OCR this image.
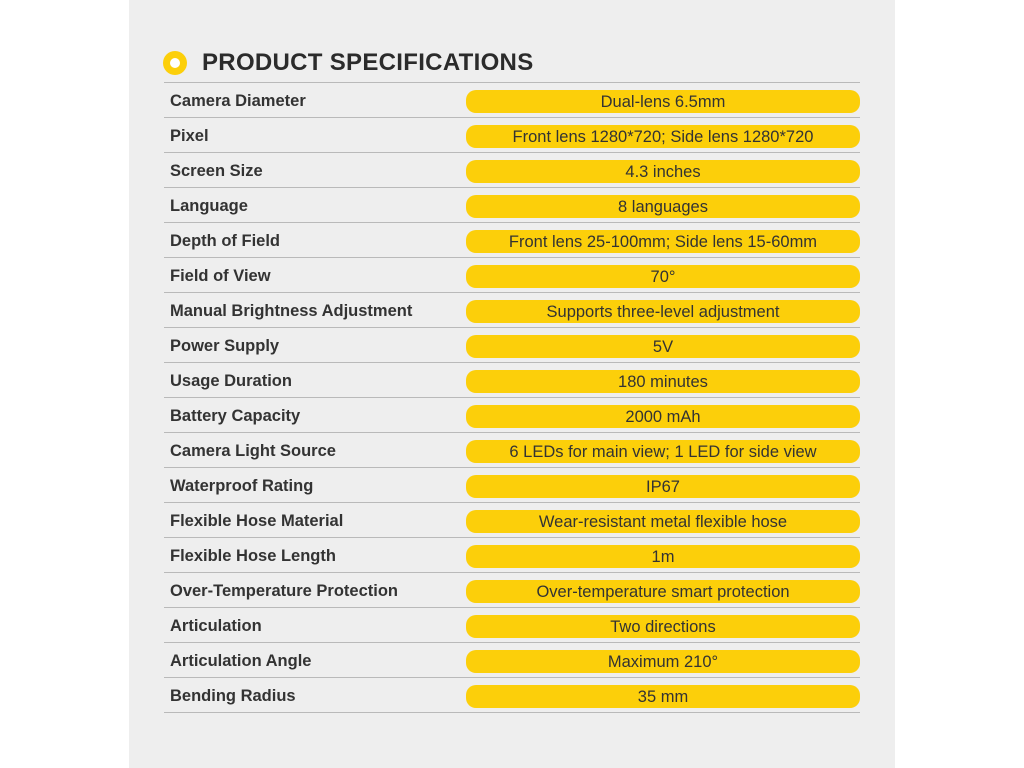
PRODUCT SPECIFICATIONS
Camera Diameter	Dual-lens 6.5mm
Pixel	Front lens 1280*720; Side lens 1280*720
Screen Size	4.3 inches
Language	8 languages
Depth of Field	Front lens 25-100mm; Side lens 15-60mm
Field of View	70°
Manual Brightness Adjustment	Supports three-level adjustment
Power Supply	5V
Usage Duration	180 minutes
Battery Capacity	2000 mAh
Camera Light Source	6 LEDs for main view; 1 LED for side view
Waterproof Rating	IP67
Flexible Hose Material	Wear-resistant metal flexible hose
Flexible Hose Length	1m
Over-Temperature Protection	Over-temperature smart protection
Articulation	Two directions
Articulation Angle	Maximum 210°
Bending Radius	35 mm
